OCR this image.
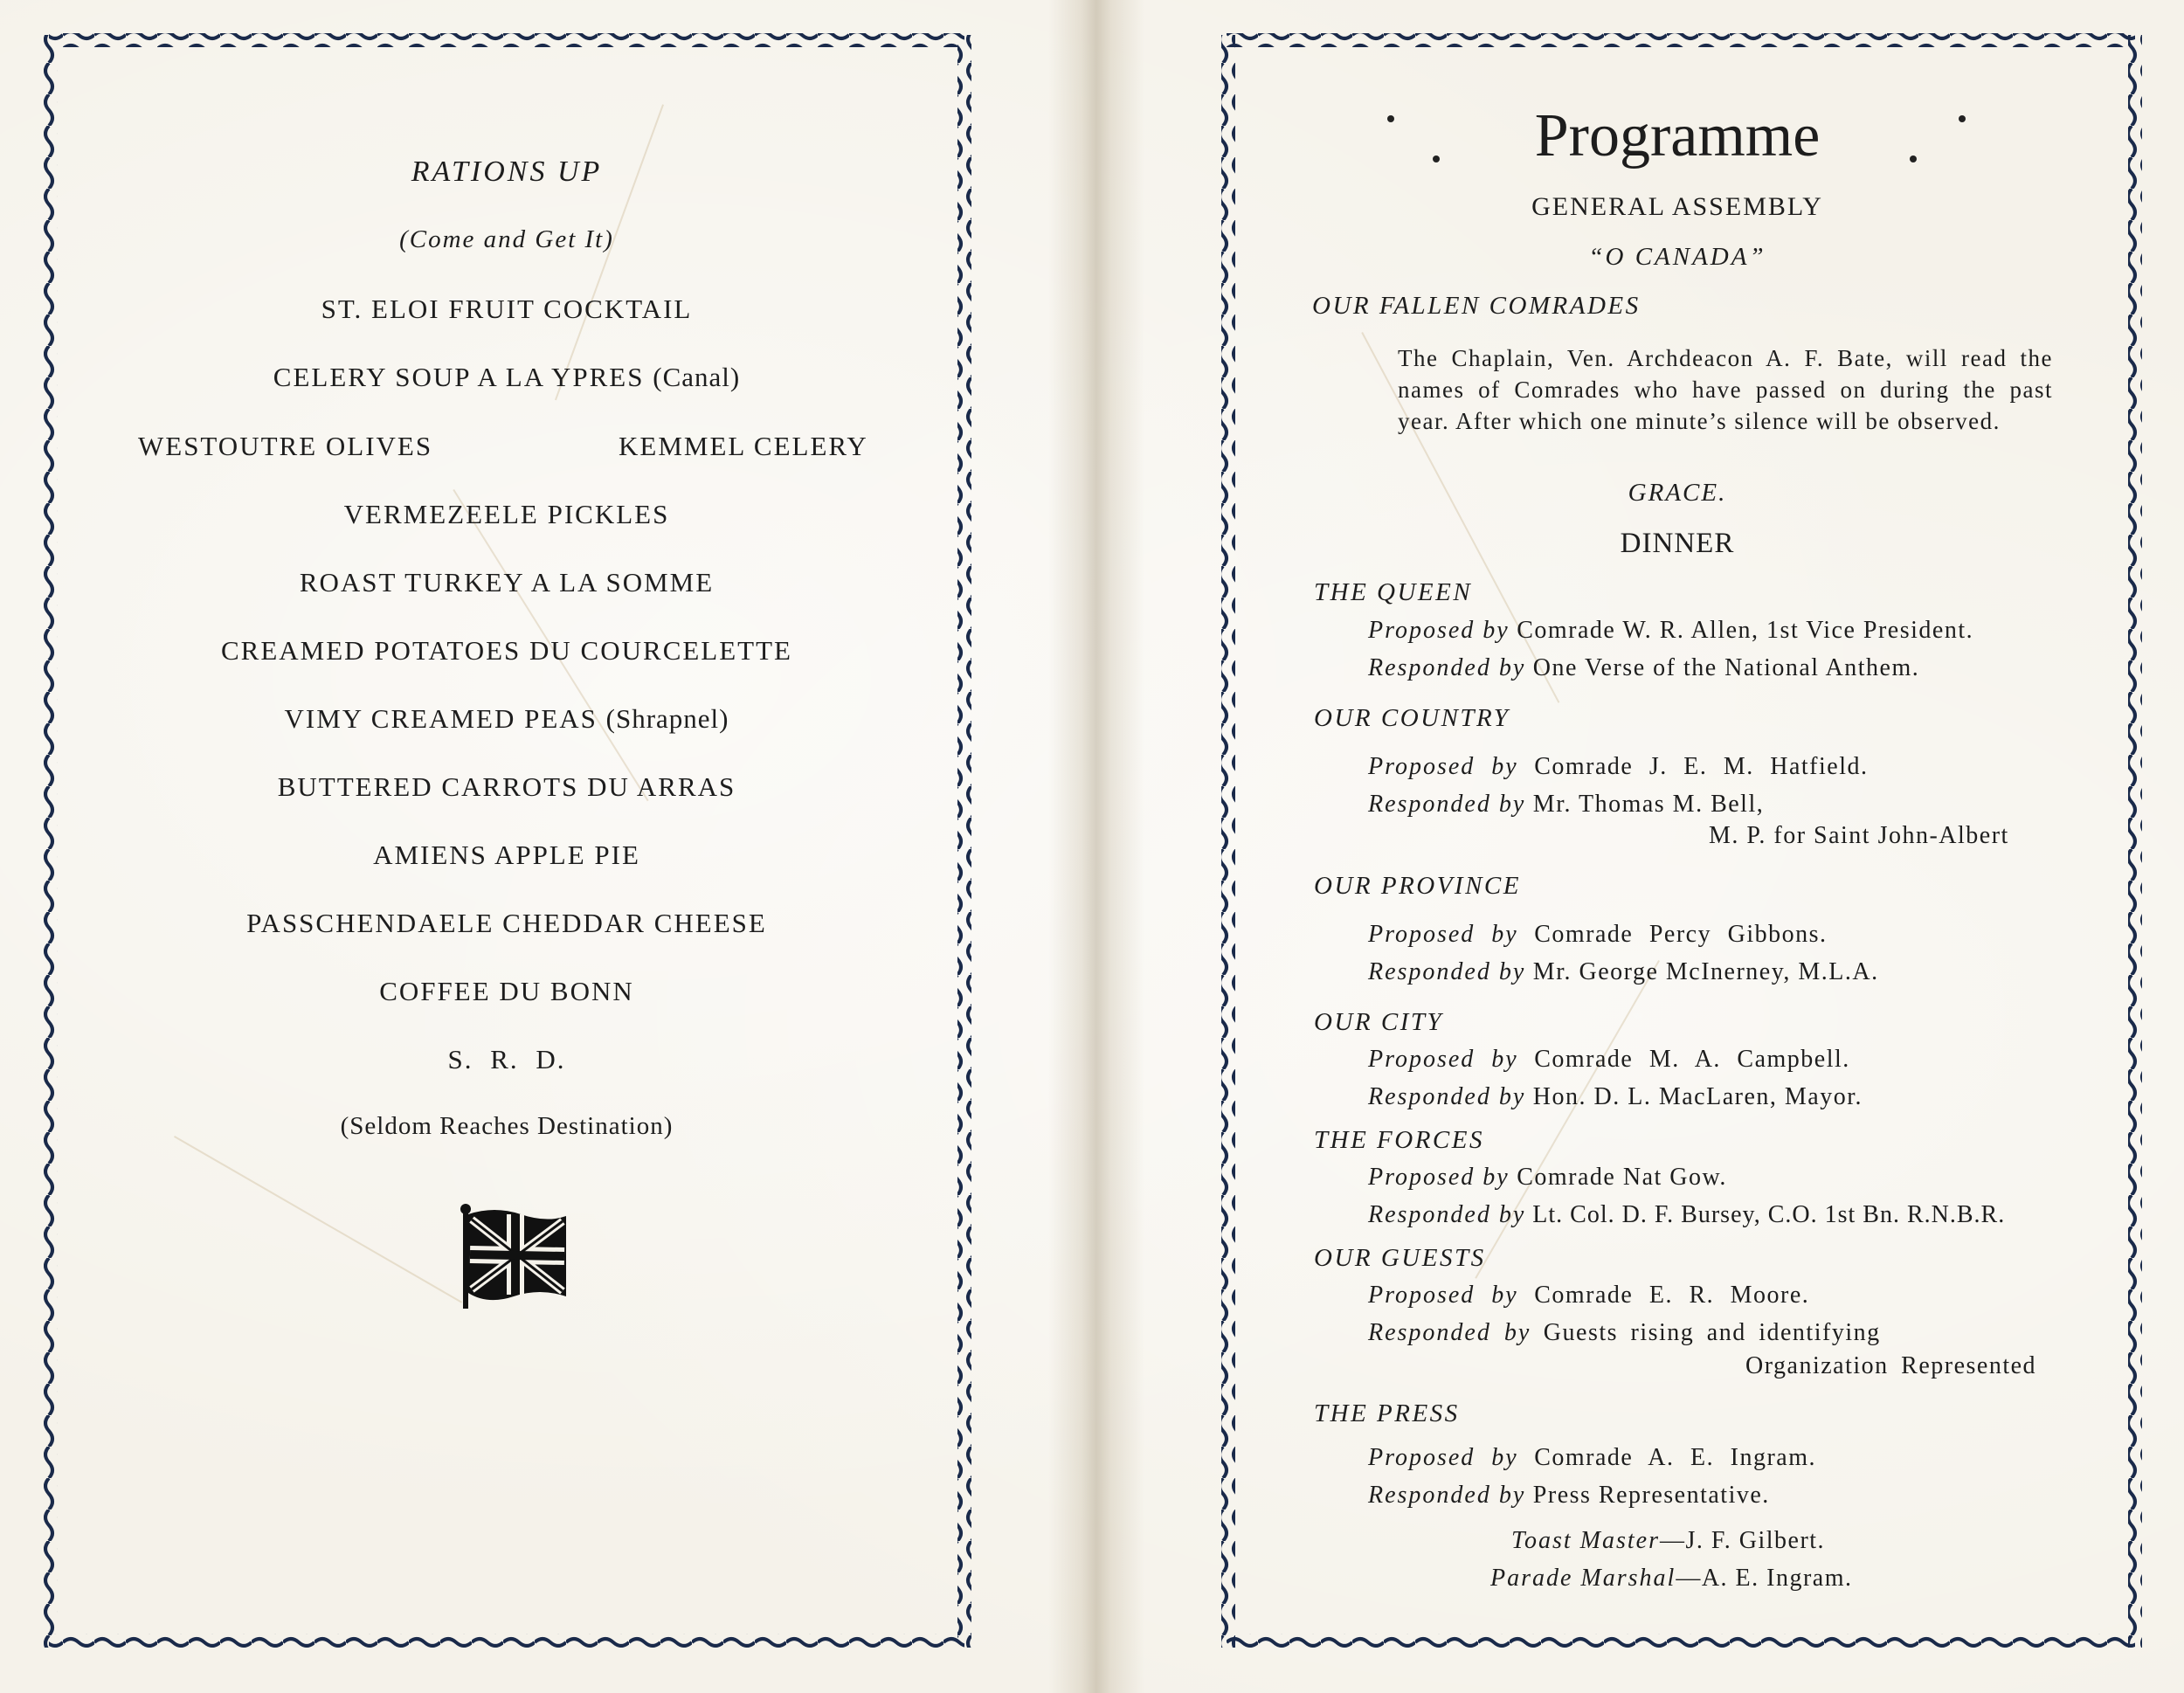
RATIONS UP
(Come and Get It)
ST. ELOI FRUIT COCKTAIL
CELERY SOUP A LA YPRES (Canal)
WESTOUTRE OLIVES	KEMMEL CELERY
VERMEZEELE PICKLES
ROAST TURKEY A LA SOMME
CREAMED POTATOES DU COURCELETTE
VIMY CREAMED PEAS (Shrapnel)
BUTTERED CARROTS DU ARRAS
AMIENS APPLE PIE
PASSCHENDAELE CHEDDAR CHEESE
COFFEE DU BONN
S. R. D.
(Seldom Reaches Destination)
Programme
GENERAL ASSEMBLY
“O CANADA”
OUR FALLEN COMRADES
The Chaplain, Ven. Archdeacon A. F. Bate, will read the names of Comrades who have passed on during the past year. After which one minute’s silence will be observed.
GRACE.
DINNER
THE QUEEN
Proposed by Comrade W. R. Allen, 1st Vice President.
Responded by One Verse of the National Anthem.
OUR COUNTRY
Proposed by Comrade J. E. M. Hatfield.
Responded by Mr. Thomas M. Bell,
M. P. for Saint John-Albert
OUR PROVINCE
Proposed by Comrade Percy Gibbons.
Responded by Mr. George McInerney, M.L.A.
OUR CITY
Proposed by Comrade M. A. Campbell.
Responded by Hon. D. L. MacLaren, Mayor.
THE FORCES
Proposed by Comrade Nat Gow.
Responded by Lt. Col. D. F. Bursey, C.O. 1st Bn. R.N.B.R.
OUR GUESTS
Proposed by Comrade E. R. Moore.
Responded by Guests rising and identifying
Organization Represented
THE PRESS
Proposed by Comrade A. E. Ingram.
Responded by Press Representative.
Toast Master—J. F. Gilbert.
Parade Marshal—A. E. Ingram.
